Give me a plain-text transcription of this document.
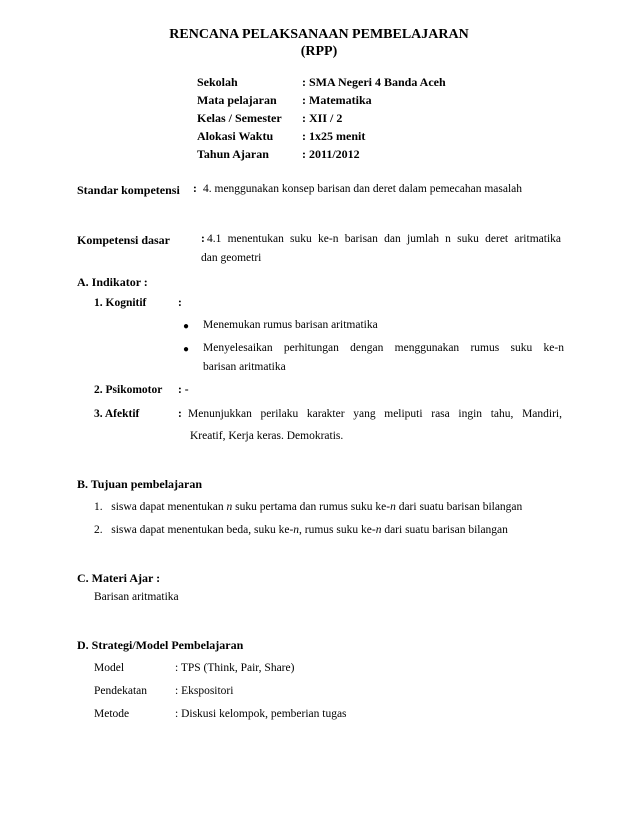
RENCANA PELAKSANAAN PEMBELAJARAN
(RPP)
Sekolah	: SMA Negeri 4 Banda Aceh
Mata pelajaran : Matematika
Kelas / Semester : XII / 2
Alokasi Waktu : 1x25 menit
Tahun Ajaran	: 2011/2012
Standar kompetensi : 4. menggunakan konsep barisan dan deret dalam pemecahan masalah
Kompetensi dasar	: 4.1 menentukan suku ke-n barisan dan jumlah n suku deret aritmatika
dan geometri
A. Indikator :
1. Kognitif	:
● Menemukan rumus barisan aritmatika
● Menyelesaikan perhitungan dengan menggunakan rumus suku ke-n
barisan aritmatika
2. Psikomotor : -
3. Afektif	: Menunjukkan perilaku karakter yang meliputi rasa ingin tahu, Mandiri,
Kreatif, Kerja keras. Demokratis.
B. Tujuan pembelajaran
1. siswa dapat menentukan n suku pertama dan rumus suku ke-n dari suatu barisan bilangan
2. siswa dapat menentukan beda, suku ke-n, rumus suku ke-n dari suatu barisan bilangan
C. Materi Ajar :
Barisan aritmatika
D. Strategi/Model Pembelajaran
Model	: TPS (Think, Pair, Share)
Pendekatan : Ekspositori
Metode	: Diskusi kelompok, pemberian tugas
